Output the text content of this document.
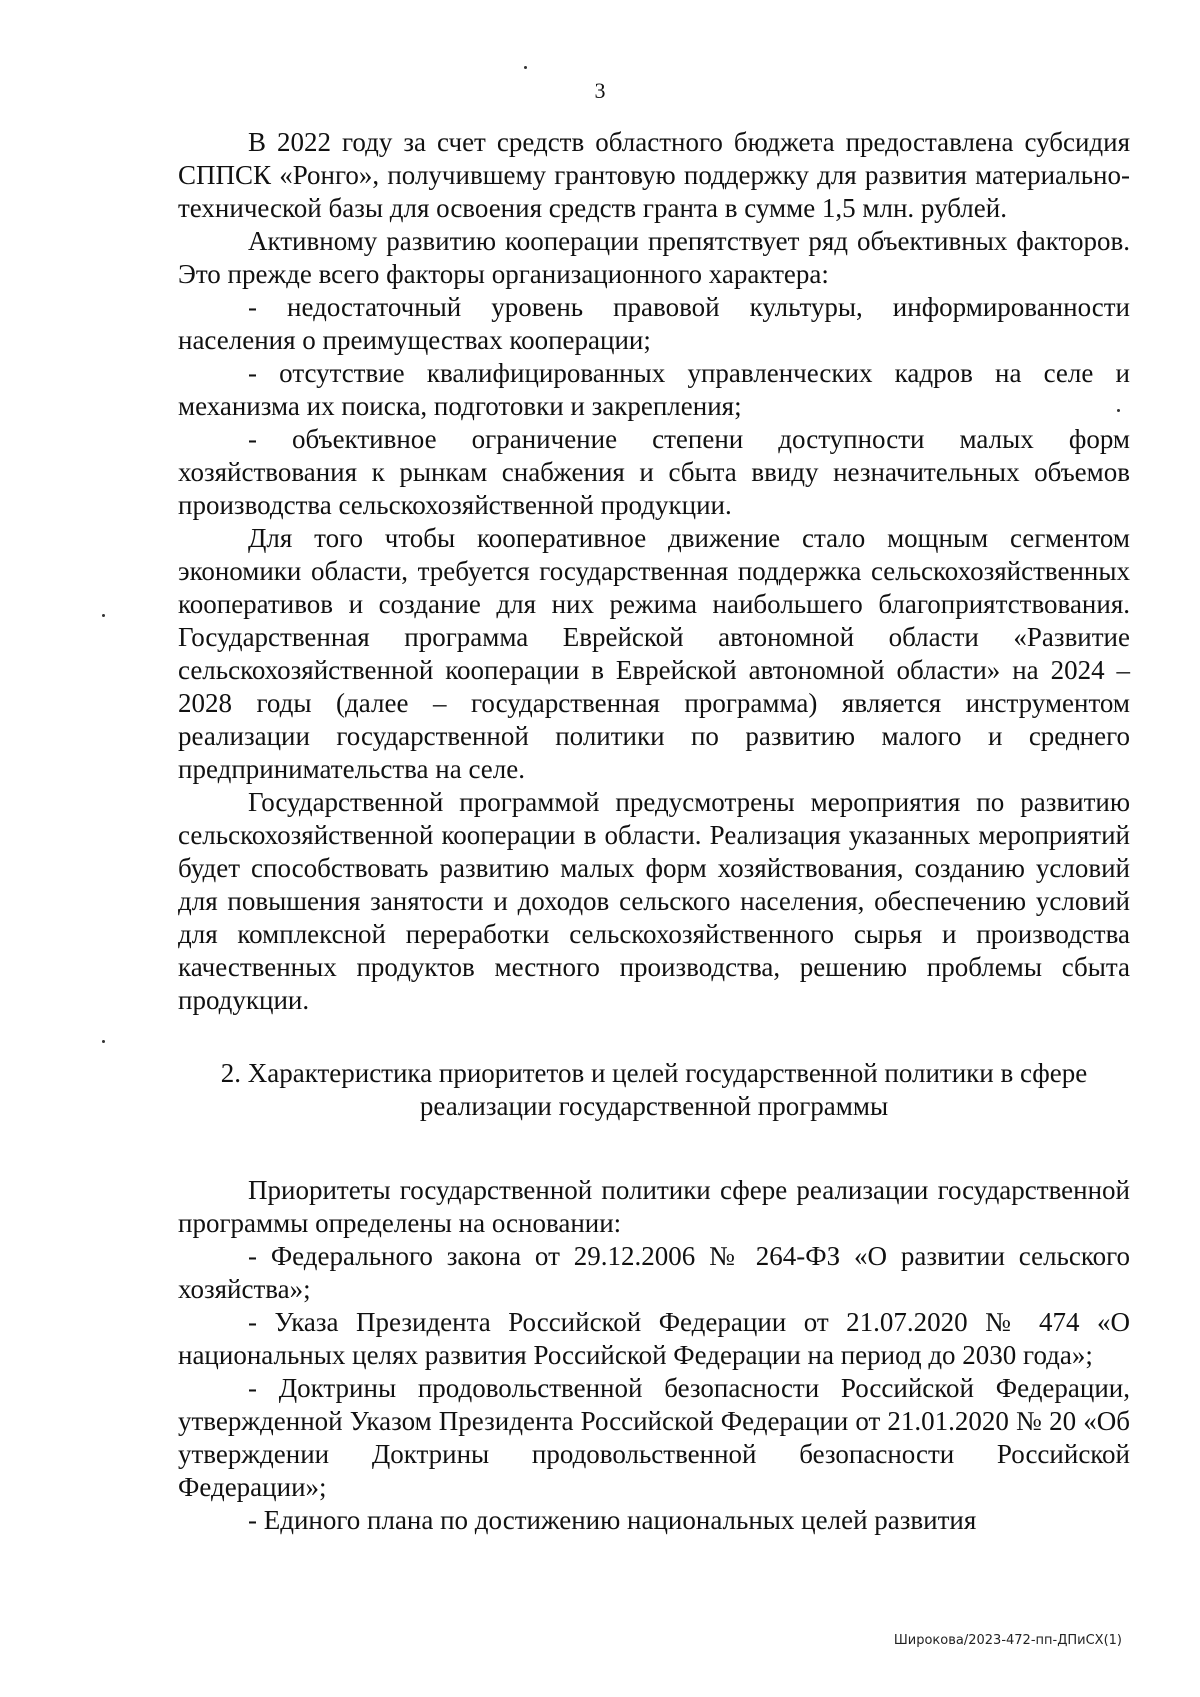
3

В 2022 году за счет средств областного бюджета предоставлена субсидия СППСК «Ронго», получившему грантовую поддержку для развития материально-технической базы для освоения средств гранта в сумме 1,5 млн. рублей.

Активному развитию кооперации препятствует ряд объективных факторов. Это прежде всего факторы организационного характера:

- недостаточный уровень правовой культуры, информированности населения о преимуществах кооперации;

- отсутствие квалифицированных управленческих кадров на селе и механизма их поиска, подготовки и закрепления;

- объективное ограничение степени доступности малых форм хозяйствования к рынкам снабжения и сбыта ввиду незначительных объемов производства сельскохозяйственной продукции.

Для того чтобы кооперативное движение стало мощным сегментом экономики области, требуется государственная поддержка сельскохозяйственных кооперативов и создание для них режима наибольшего благоприятствования. Государственная программа Еврейской автономной области «Развитие сельскохозяйственной кооперации в Еврейской автономной области» на 2024 – 2028 годы (далее – государственная программа) является инструментом реализации государственной политики по развитию малого и среднего предпринимательства на селе.

Государственной программой предусмотрены мероприятия по развитию сельскохозяйственной кооперации в области. Реализация указанных мероприятий будет способствовать развитию малых форм хозяйствования, созданию условий для повышения занятости и доходов сельского населения, обеспечению условий для комплексной переработки сельскохозяйственного сырья и производства качественных продуктов местного производства, решению проблемы сбыта продукции.

2. Характеристика приоритетов и целей государственной политики в сфере реализации государственной программы

Приоритеты государственной политики сфере реализации государственной программы определены на основании:

- Федерального закона от 29.12.2006 № 264-ФЗ «О развитии сельского хозяйства»;

- Указа Президента Российской Федерации от 21.07.2020 № 474 «О национальных целях развития Российской Федерации на период до 2030 года»;

- Доктрины продовольственной безопасности Российской Федерации, утвержденной Указом Президента Российской Федерации от 21.01.2020 № 20 «Об утверждении Доктрины продовольственной безопасности Российской Федерации»;

- Единого плана по достижению национальных целей развития

Широкова/2023-472-пп-ДПиСХ(1)
